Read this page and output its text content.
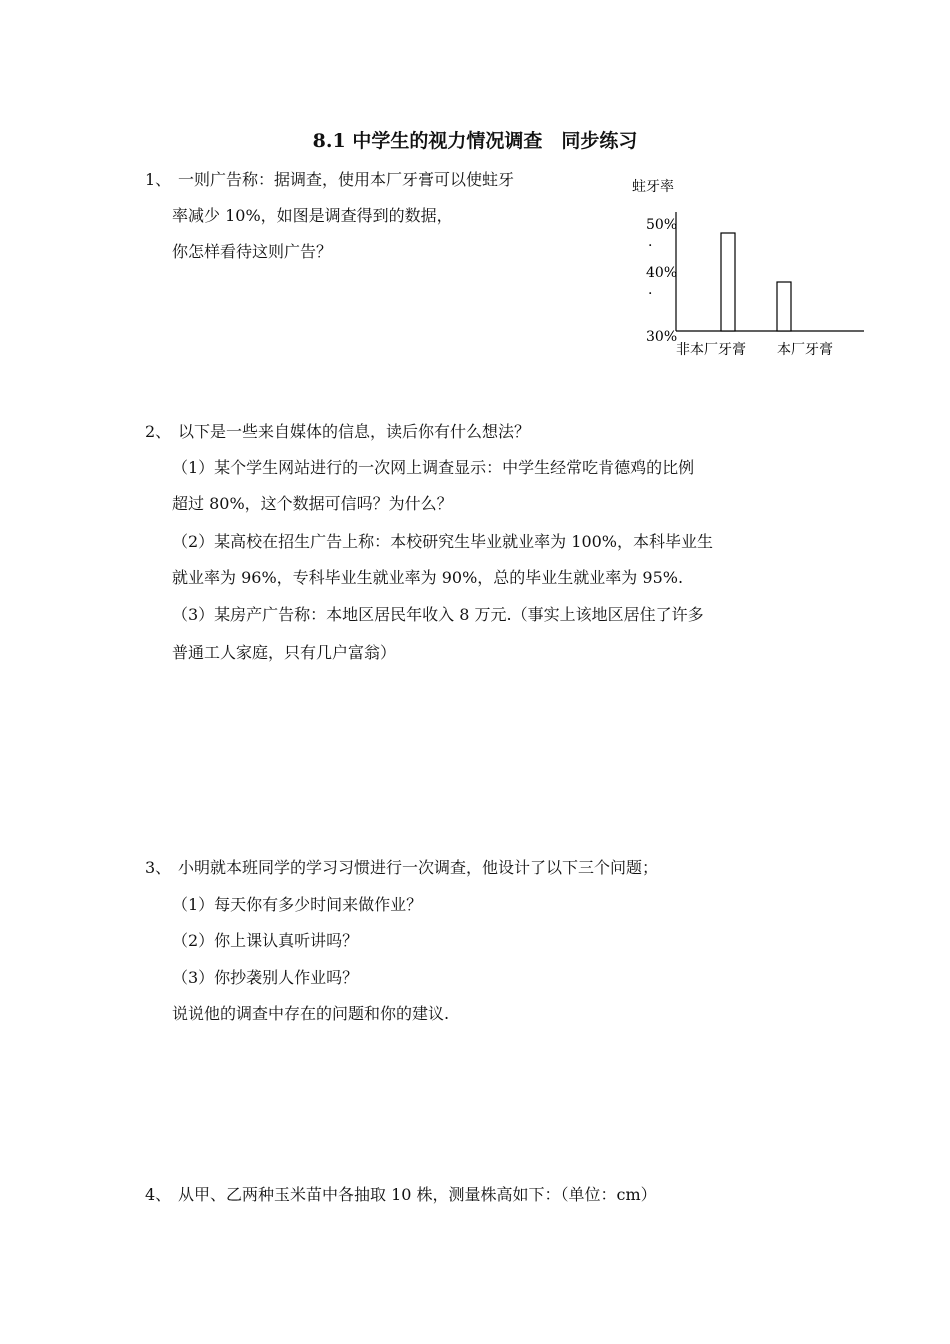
8.1 中学生的视力情况调查　同步练习
1、 一则广告称：据调查，使用本厂牙膏可以使蛀牙
率减少 10%，如图是调查得到的数据，
你怎样看待这则广告？
蛀牙率
50%
·
40%
·
30%
非本厂牙膏 本厂牙膏
2、 以下是一些来自媒体的信息，读后你有什么想法？
（1）某个学生网站进行的一次网上调查显示：中学生经常吃肯德鸡的比例
超过 80%，这个数据可信吗？为什么？
（2）某高校在招生广告上称：本校研究生毕业就业率为 100%，本科毕业生
就业率为 96%，专科毕业生就业率为 90%，总的毕业生就业率为 95%.
（3）某房产广告称：本地区居民年收入 8 万元.（事实上该地区居住了许多
普通工人家庭，只有几户富翁）
3、 小明就本班同学的学习习惯进行一次调查，他设计了以下三个问题；
（1）每天你有多少时间来做作业？
（2）你上课认真听讲吗？
（3）你抄袭别人作业吗？
说说他的调查中存在的问题和你的建议.
4、 从甲、乙两种玉米苗中各抽取 10 株，测量株高如下：（单位：cm）
